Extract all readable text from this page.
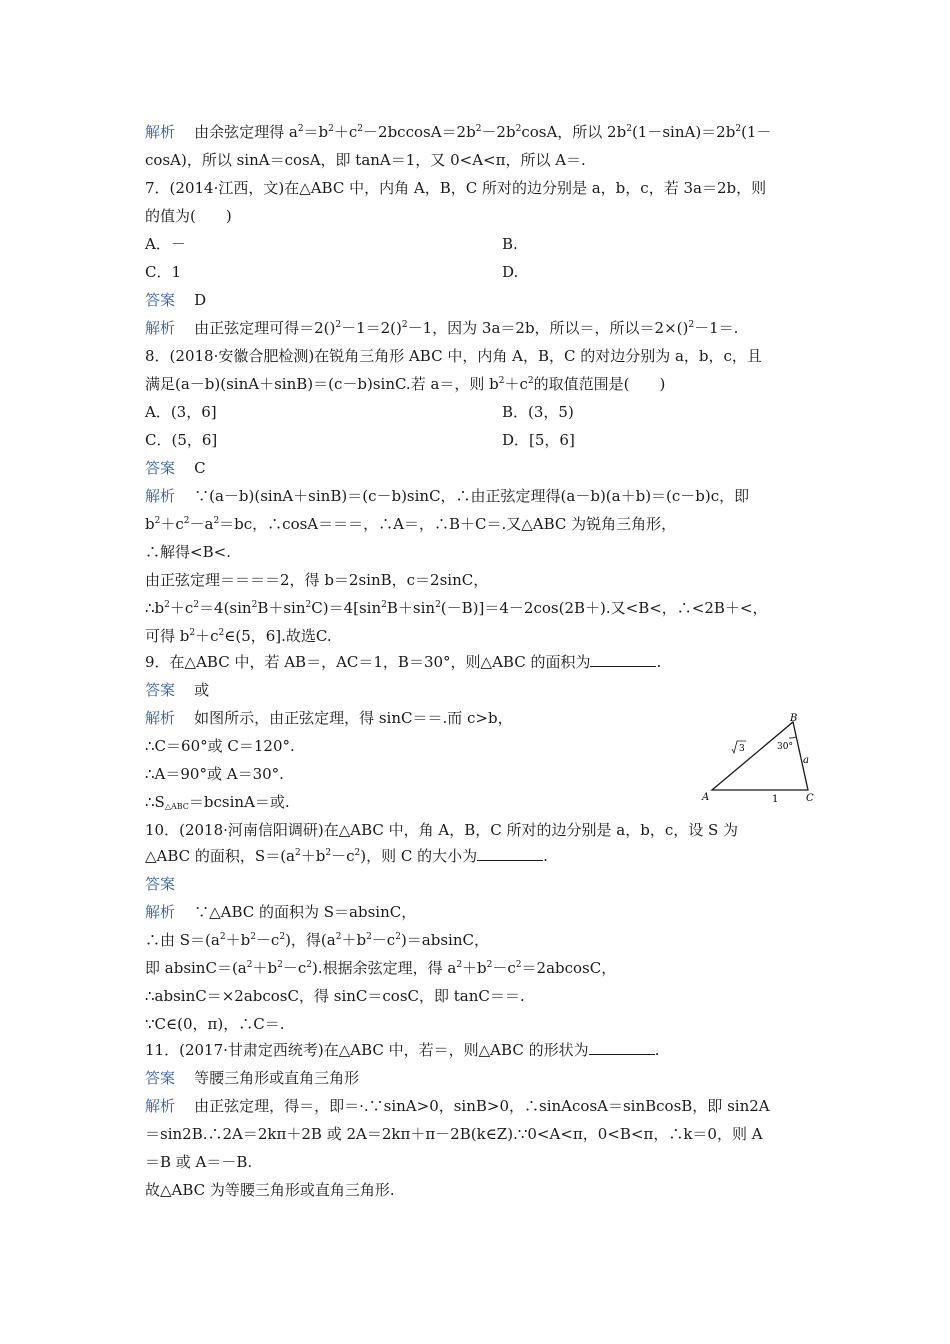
解析 由余弦定理得 $a^2=b^2+c^2-2bccosA=2b^2-2b^2\cos A$，所以 $2b^2(1-\sin A)=2b^2(1-$
cosA)，所以 sinA＝cosA，即 tanA＝1，又 0<A<π，所以 A＝.
7．(2014·江西，文)在△ABC 中，内角 A，B，C 所对的边分别是 a，b，c，若 3a＝2b，则
的值为(　　)
A．－	B.
C．1	D.
答案 D
解析 由正弦定理可得＝2()$^2$－1＝2()$^2$－1，因为 3a＝2b，所以＝，所以＝2×()$^2$－1＝.
8．(2018·安徽合肥检测)在锐角三角形 ABC 中，内角 A，B，C 的对边分别为 a，b，c，且
满足(a－b)(sinA＋sinB)＝(c－b)sinC.若 a＝，则 $b^2+c^2$的取值范围是(　　)
A．(3，6]	B．(3，5)
C．(5，6]	D．[5，6]
答案 C
解析 ∵(a－b)(sinA＋sinB)＝(c－b)sinC，∴由正弦定理得(a－b)(a＋b)＝(c－b)c，即
$b^2+c^2-a^2=bc$，∴cosA＝＝＝，∴A＝，∴B＋C＝.又△ABC 为锐角三角形，
∴解得<B<.
由正弦定理＝＝＝＝2，得 b＝2sinB，c＝2sinC，
$\therefore b^2+c^2=4(\sin^2B+\sin^2C)=4[\sin^2B+\sin^2(-B)]=4-2\cos(2B+)$.又<B<，∴<2B＋<，
可得 $b^2+c^2\in(5$，6].故选C.
9．在△ABC 中，若 AB＝，AC＝1，B＝30°，则△ABC 的面积为	.
答案 或
解析 如图所示，由正弦定理，得 sinC＝＝.而 c>b，
∴C＝60°或 C＝120°.
∴A＝90°或 A＝30°.
$\therefore S_{\triangle ABC}=bcsinA=$或.
B
A	C
a
1
30°
3
10．(2018·河南信阳调研)在△ABC 中，角 A，B，C 所对的边分别是 a，b，c，设 S 为
△ABC 的面积，$S=(a^2+b^2-c^2)$，则 C 的大小为	.
答案
解析 ∵△ABC 的面积为 S＝absinC，
∴由 $S=(a^2+b^2-c^2)$，得$(a^2+b^2-c^2)=absinC$，
即 $absinC=(a^2+b^2-c^2)$.根据余弦定理，得 $a^2+b^2-c^2=2abcosC$，
∴absinC＝×2abcosC，得 sinC＝cosC，即 tanC＝＝.
∵C∈(0，π)，∴C＝.
11．(2017·甘肃定西统考)在△ABC 中，若＝，则△ABC 的形状为	.
答案 等腰三角形或直角三角形
解析 由正弦定理，得＝，即＝·.∵sinA>0，sinB>0，∴sinAcosA＝sinBcosB，即 sin2A
＝sin2B.∴2A＝2kπ＋2B 或 2A＝2kπ＋π－2B(k∈Z).∵0<A<π，0<B<π，∴k＝0，则 A
＝B 或 A＝－B.
故△ABC 为等腰三角形或直角三角形.
